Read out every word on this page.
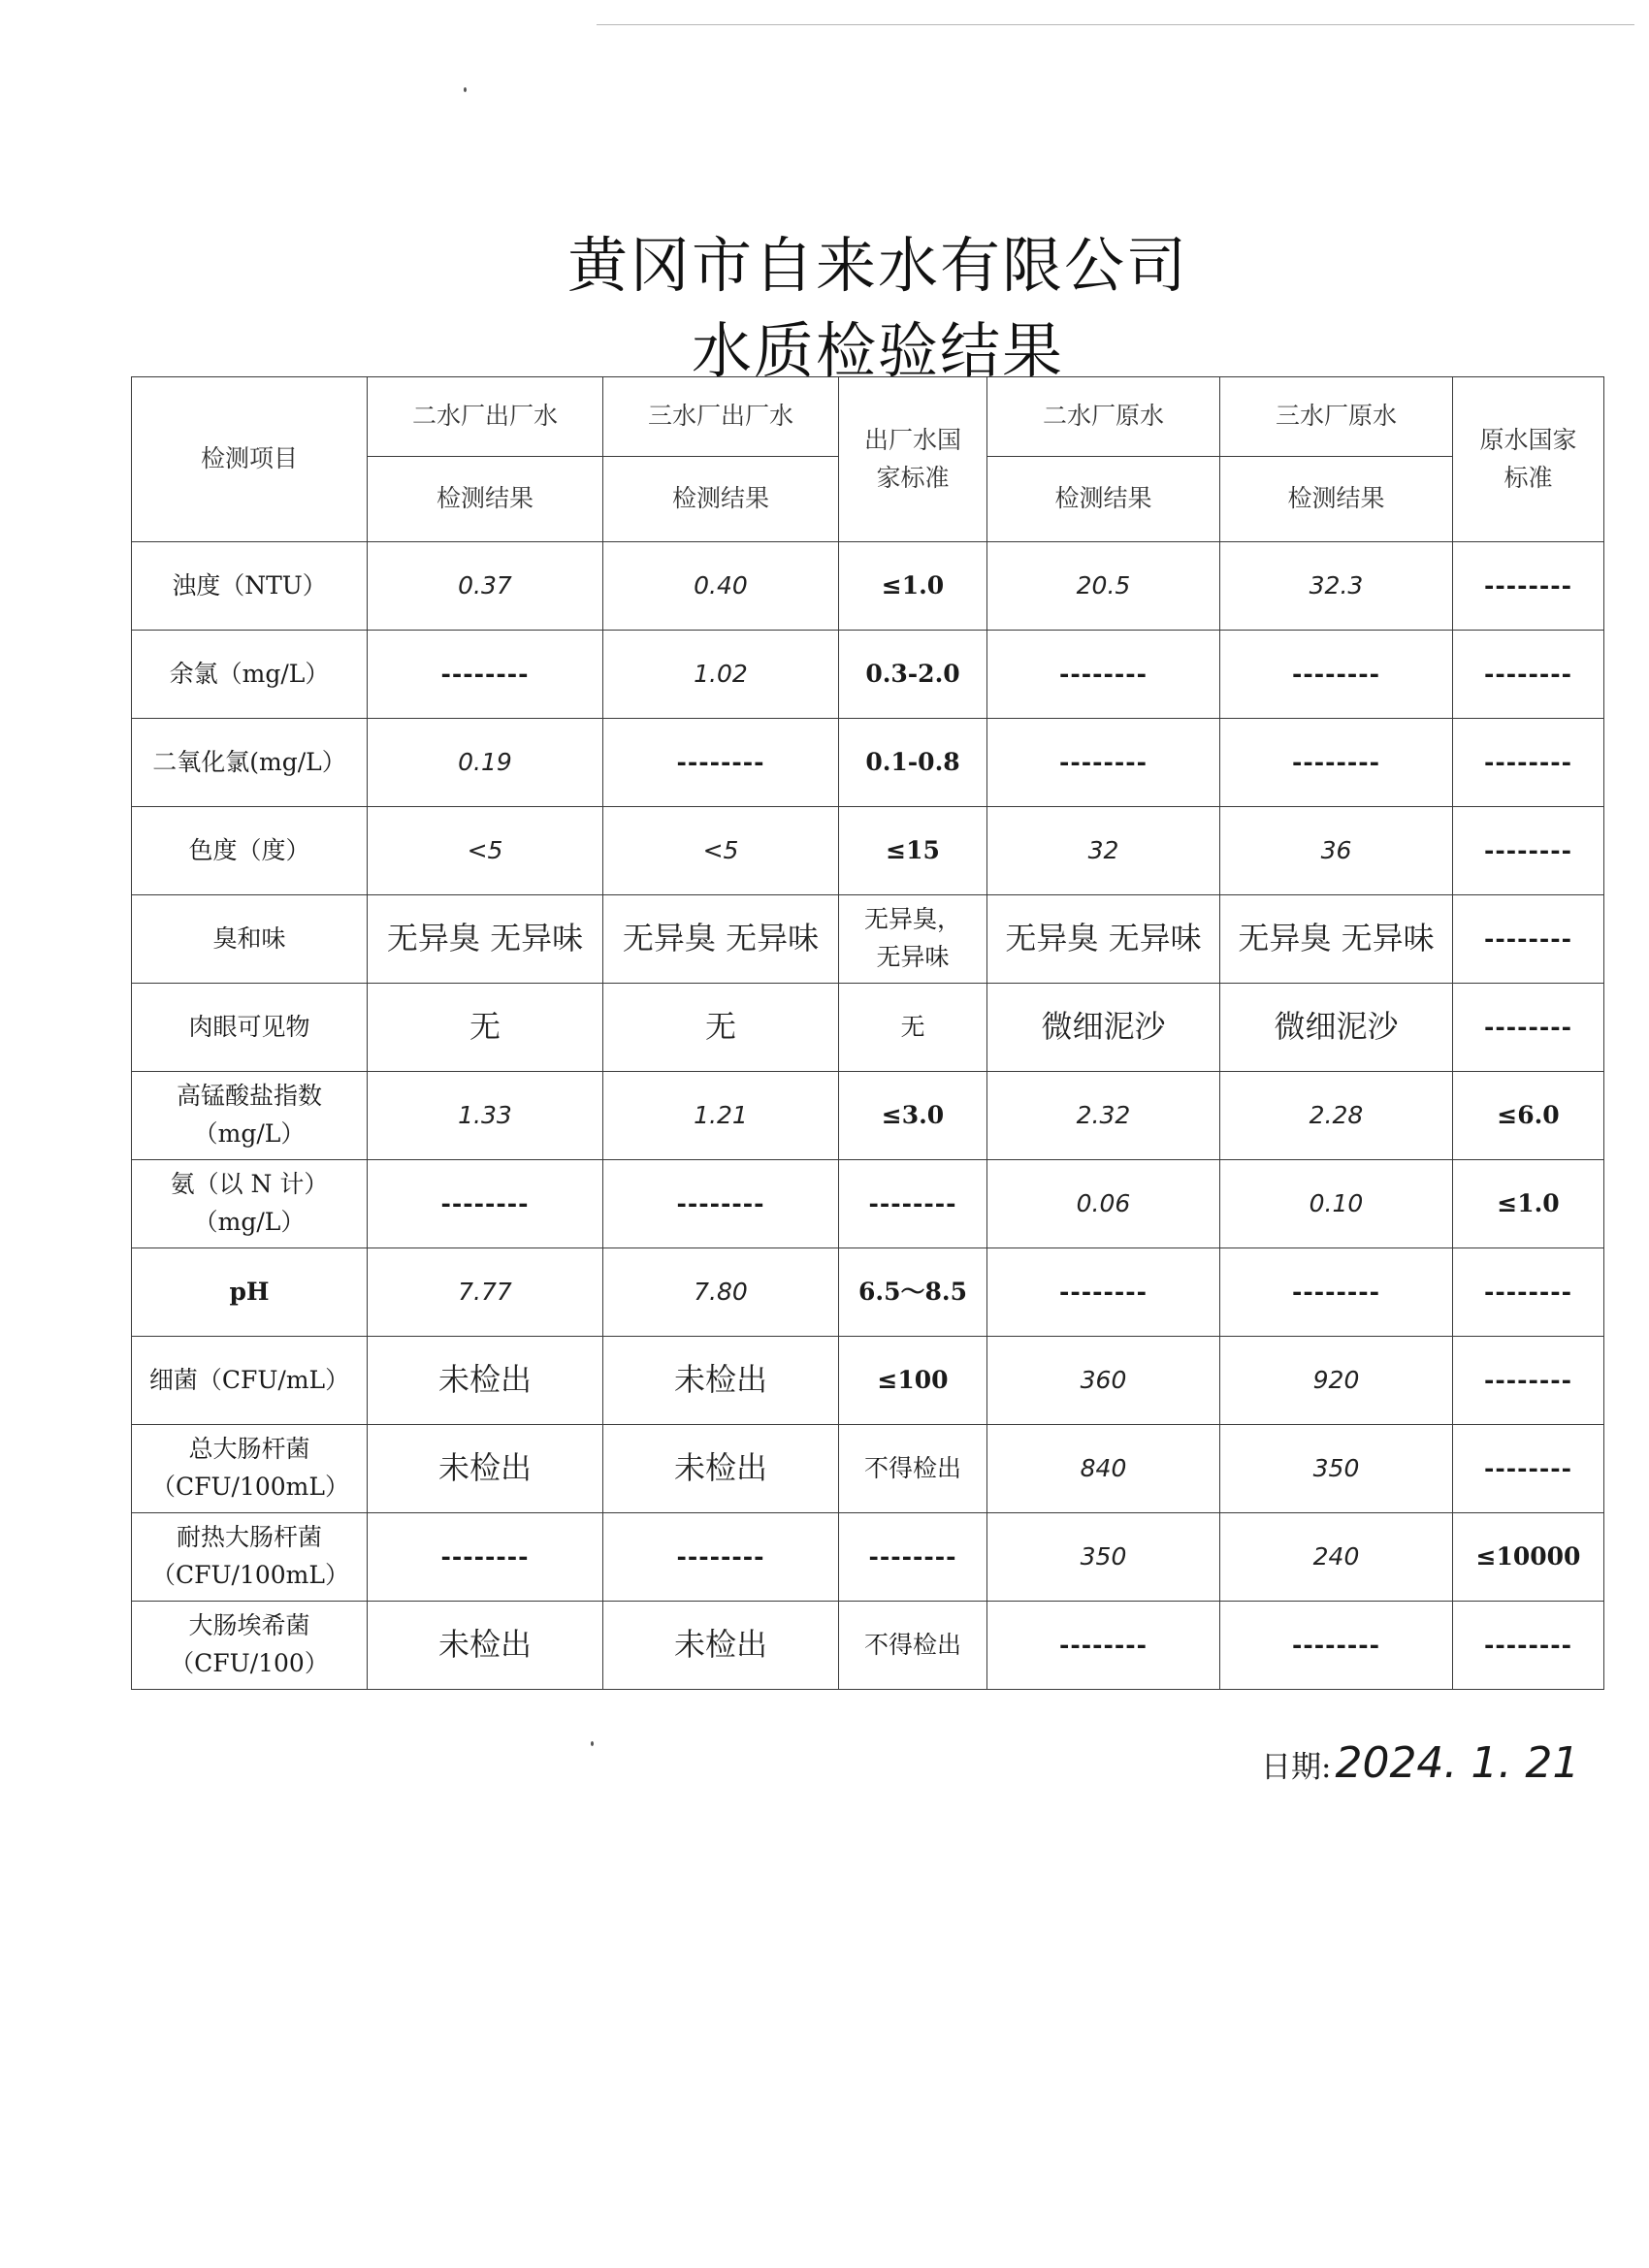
黄冈市自来水有限公司
水质检验结果
检测项目	二水厂出厂水	三水厂出厂水	出厂水国家标准	二水厂原水	三水厂原水	原水国家标准
	检测结果	检测结果		检测结果	检测结果	
浊度（NTU）	0.37	0.40	≤1.0	20.5	32.3	--------
余氯（mg/L）	--------	1.02	0.3-2.0	--------	--------	--------
二氧化氯(mg/L）	0.19	--------	0.1-0.8	--------	--------	--------
色度（度）	<5	<5	≤15	32	36	--------
臭和味	无异臭 无异味	无异臭 无异味	无异臭，无异味	无异臭 无异味	无异臭 无异味	--------
肉眼可见物	无	无	无	微细泥沙	微细泥沙	--------
高锰酸盐指数（mg/L）	1.33	1.21	≤3.0	2.32	2.28	≤6.0
氨（以 N 计）（mg/L）	--------	--------	--------	0.06	0.10	≤1.0
pH	7.77	7.80	6.5～8.5	--------	--------	--------
细菌（CFU/mL）	未检出	未检出	≤100	360	920	--------
总大肠杆菌（CFU/100mL）	未检出	未检出	不得检出	840	350	--------
耐热大肠杆菌（CFU/100mL）	--------	--------	--------	350	240	≤10000
大肠埃希菌（CFU/100）	未检出	未检出	不得检出	--------	--------	--------
日期:2024. 1. 21
